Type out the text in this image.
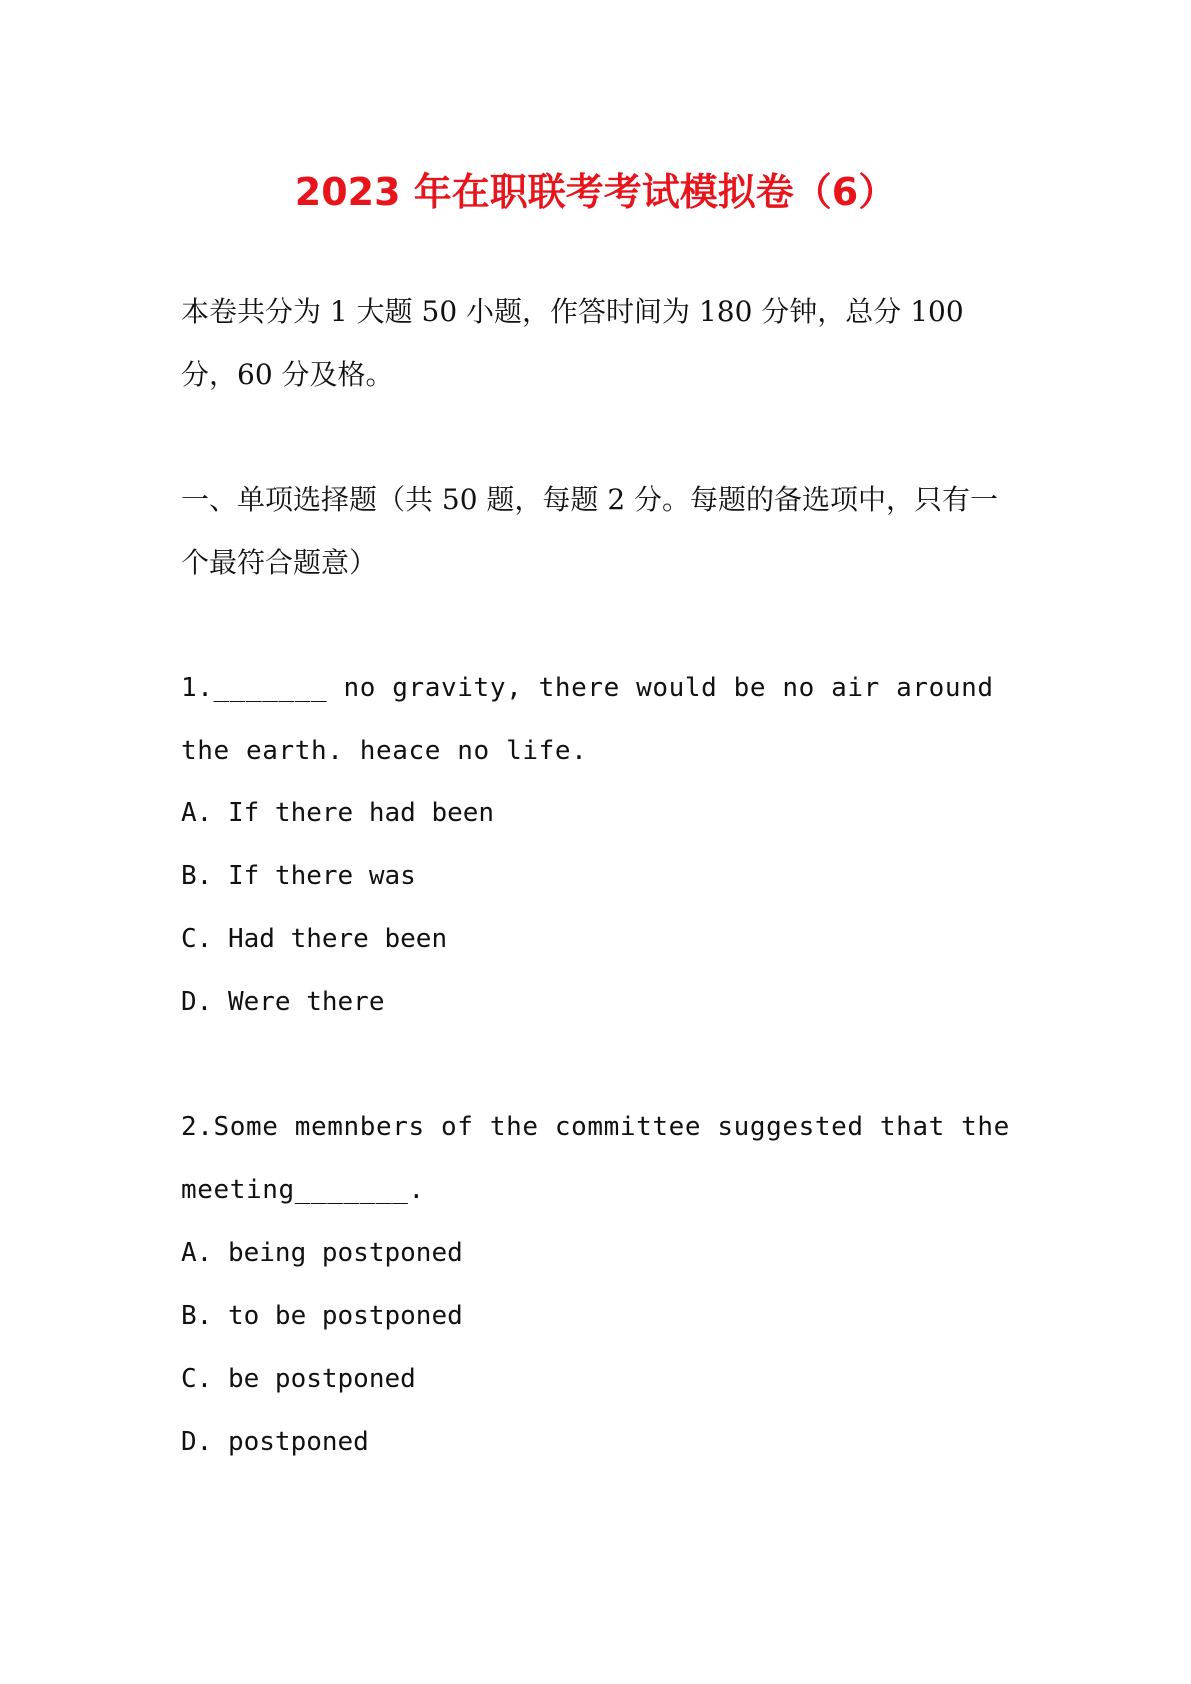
2023 年在职联考考试模拟卷（6）

本卷共分为 1 大题 50 小题，作答时间为 180 分钟，总分 100 分，60 分及格。

一、单项选择题（共 50 题，每题 2 分。每题的备选项中，只有一个最符合题意）

1._______ no gravity, there would be no air around the earth. heace no life.

A. If there had been

B. If there was

C. Had there been

D. Were there

2.Some memnbers of the committee suggested that the meeting_______.

A. being postponed

B. to be postponed

C. be postponed

D. postponed
